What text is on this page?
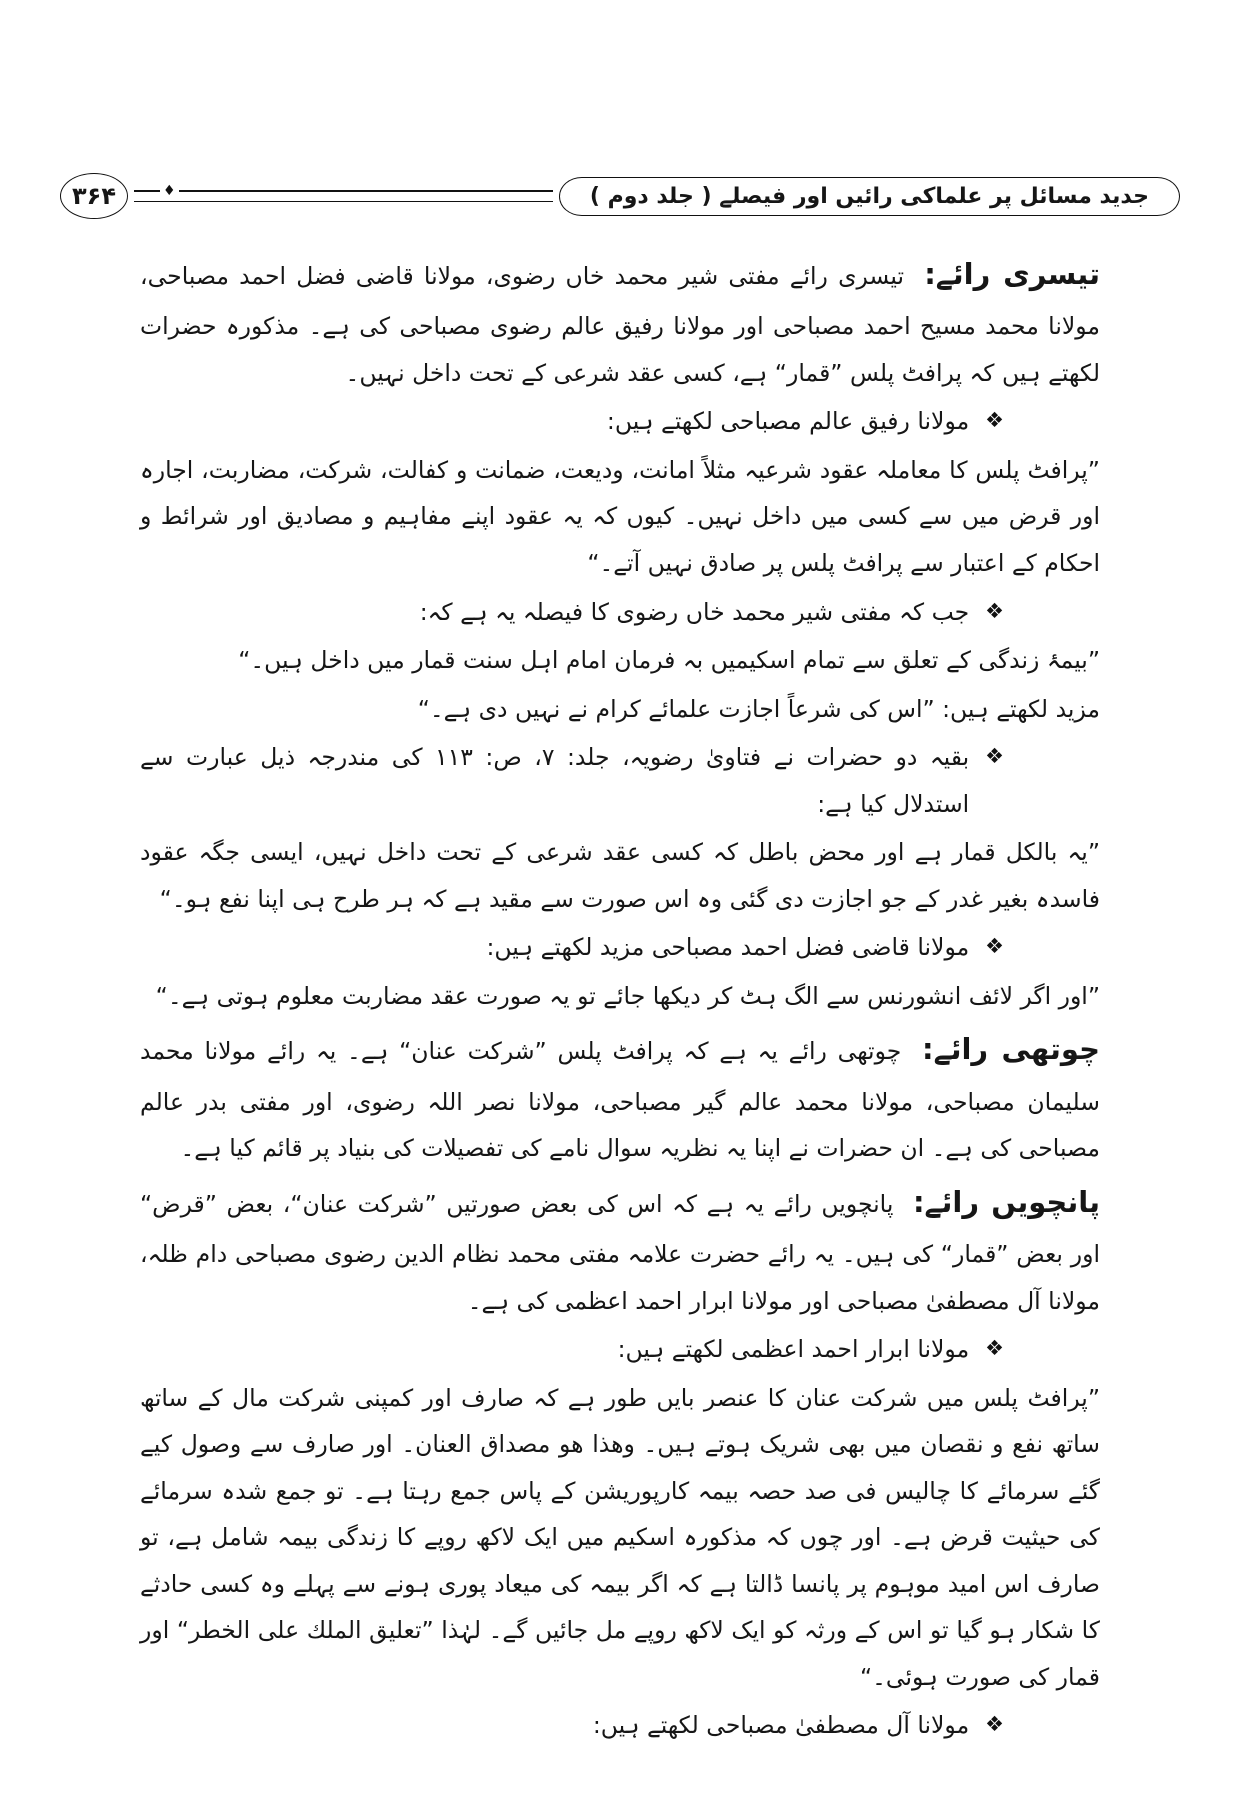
جدید مسائل پر علماکی رائیں اور فیصلے ( جلد دوم )
♦
۳۶۴

تیسری رائے: تیسری رائے مفتی شیر محمد خاں رضوی، مولانا قاضی فضل احمد مصباحی، مولانا محمد مسیح احمد مصباحی اور مولانا رفیق عالم رضوی مصباحی کی ہے۔ مذکورہ حضرات لکھتے ہیں کہ پرافٹ پلس ”قمار“ ہے، کسی عقد شرعی کے تحت داخل نہیں۔

❖
مولانا رفیق عالم مصباحی لکھتے ہیں:

”پرافٹ پلس کا معاملہ عقود شرعیہ مثلاً امانت، ودیعت، ضمانت و کفالت، شرکت، مضاربت، اجارہ اور قرض میں سے کسی میں داخل نہیں۔ کیوں کہ یہ عقود اپنے مفاہیم و مصادیق اور شرائط و احکام کے اعتبار سے پرافٹ پلس پر صادق نہیں آتے۔“

❖
جب کہ مفتی شیر محمد خاں رضوی کا فیصلہ یہ ہے کہ:

”بیمۂ زندگی کے تعلق سے تمام اسکیمیں بہ فرمان امام اہل سنت قمار میں داخل ہیں۔“

مزید لکھتے ہیں: ”اس کی شرعاً اجازت علمائے کرام نے نہیں دی ہے۔“

❖
بقیہ دو حضرات نے فتاویٰ رضویہ، جلد: ۷، ص: ۱۱۳ کی مندرجہ ذیل عبارت سے استدلال کیا ہے:

”یہ بالکل قمار ہے اور محض باطل کہ کسی عقد شرعی کے تحت داخل نہیں، ایسی جگہ عقود فاسدہ بغیر غدر کے جو اجازت دی گئی وہ اس صورت سے مقید ہے کہ ہر طرح ہی اپنا نفع ہو۔“

❖
مولانا قاضی فضل احمد مصباحی مزید لکھتے ہیں:

”اور اگر لائف انشورنس سے الگ ہٹ کر دیکھا جائے تو یہ صورت عقد مضاربت معلوم ہوتی ہے۔“

چوتھی رائے: چوتھی رائے یہ ہے کہ پرافٹ پلس ”شرکت عنان“ ہے۔ یہ رائے مولانا محمد سلیمان مصباحی، مولانا محمد عالم گیر مصباحی، مولانا نصر اللہ رضوی، اور مفتی بدر عالم مصباحی کی ہے۔ ان حضرات نے اپنا یہ نظریہ سوال نامے کی تفصیلات کی بنیاد پر قائم کیا ہے۔

پانچویں رائے: پانچویں رائے یہ ہے کہ اس کی بعض صورتیں ”شرکت عنان“، بعض ”قرض“ اور بعض ”قمار“ کی ہیں۔ یہ رائے حضرت علامہ مفتی محمد نظام الدین رضوی مصباحی دام ظلہ، مولانا آل مصطفیٰ مصباحی اور مولانا ابرار احمد اعظمی کی ہے۔

❖
مولانا ابرار احمد اعظمی لکھتے ہیں:

”پرافٹ پلس میں شرکت عنان کا عنصر بایں طور ہے کہ صارف اور کمپنی شرکت مال کے ساتھ ساتھ نفع و نقصان میں بھی شریک ہوتے ہیں۔ وهذا هو مصداق العنان۔ اور صارف سے وصول کیے گئے سرمائے کا چالیس فی صد حصہ بیمہ کارپوریشن کے پاس جمع رہتا ہے۔ تو جمع شدہ سرمائے کی حیثیت قرض ہے۔ اور چوں کہ مذکورہ اسکیم میں ایک لاکھ روپے کا زندگی بیمہ شامل ہے، تو صارف اس امید موہوم پر پانسا ڈالتا ہے کہ اگر بیمہ کی میعاد پوری ہونے سے پہلے وہ کسی حادثے کا شکار ہو گیا تو اس کے ورثہ کو ایک لاکھ روپے مل جائیں گے۔ لہٰذا ”تعليق الملك على الخطر“ اور قمار کی صورت ہوئی۔“

❖
مولانا آل مصطفیٰ مصباحی لکھتے ہیں:
